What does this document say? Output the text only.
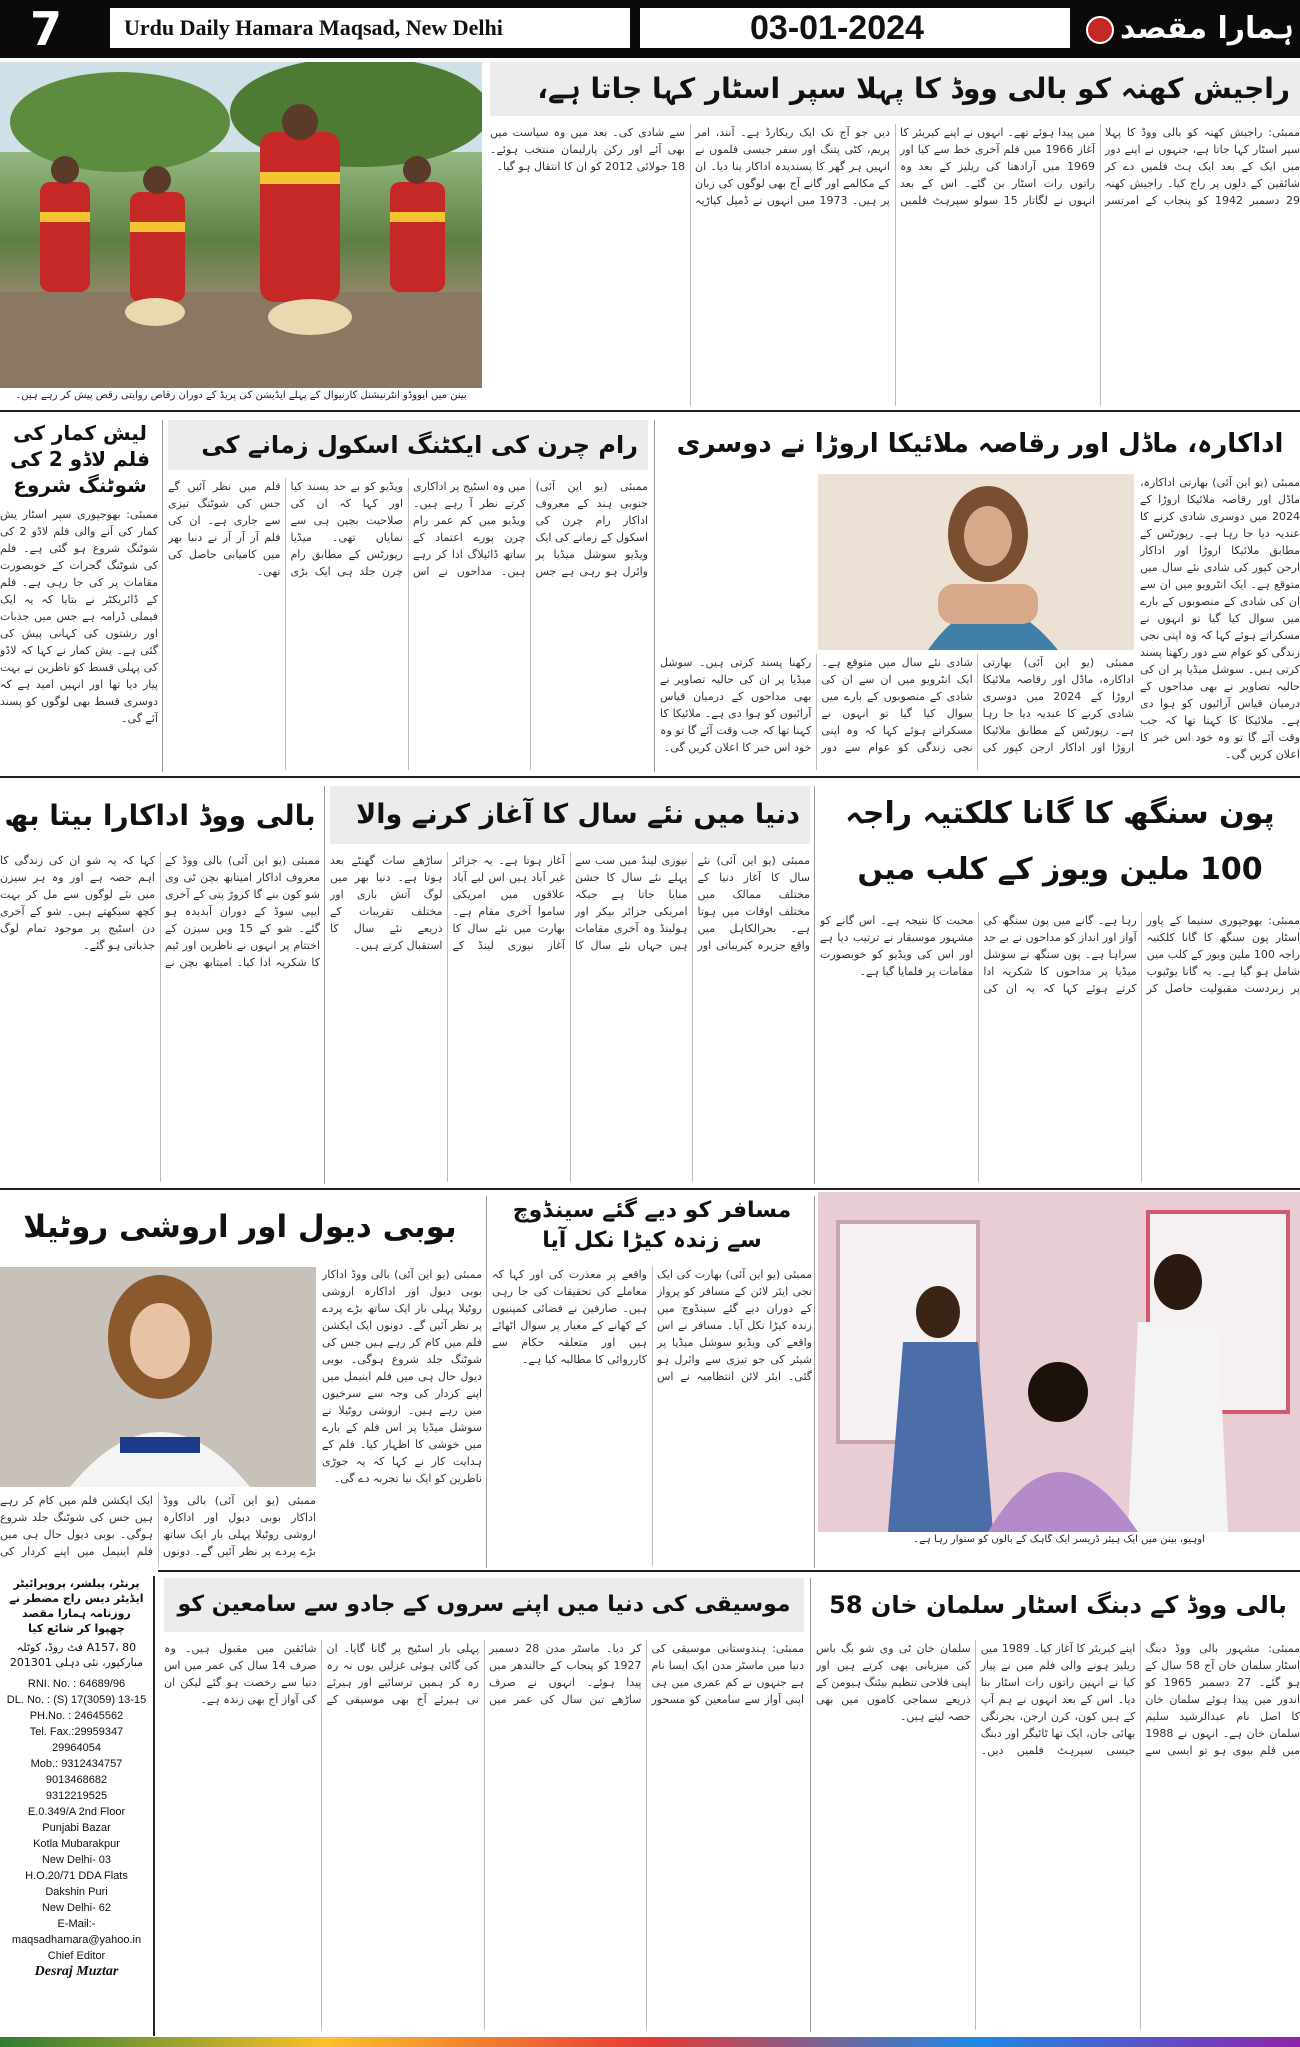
7	Urdu Daily Hamara Maqsad, New Delhi	03-01-2024	ہمارا مقصد
بینن میں ایووڈو انٹرنیشنل کارنیوال کے پہلے ایڈیشن کی پریڈ کے دوران رقاص روایتی رقص پیش کر رہے ہیں۔
راجیش کھنہ کو بالی ووڈ کا پہلا سپر اسٹار کہا جاتا ہے،
ممبئی: راجیش کھنہ کو بالی ووڈ کا پہلا سپر اسٹار کہا جاتا ہے، جنہوں نے اپنے دور میں ایک کے بعد ایک ہٹ فلمیں دے کر شائقین کے دلوں پر راج کیا۔ راجیش کھنہ 29 دسمبر 1942 کو پنجاب کے امرتسر میں پیدا ہوئے تھے۔ انہوں نے اپنے کیریئر کا آغاز 1966 میں فلم آخری خط سے کیا اور 1969 میں آرادھنا کی ریلیز کے بعد وہ راتوں رات اسٹار بن گئے۔ اس کے بعد انہوں نے لگاتار 15 سولو سپرہٹ فلمیں دیں جو آج تک ایک ریکارڈ ہے۔ آنند، امر پریم، کٹی پتنگ اور سفر جیسی فلموں نے انہیں ہر گھر کا پسندیدہ اداکار بنا دیا۔ ان کے مکالمے اور گانے آج بھی لوگوں کی زبان پر ہیں۔ 1973 میں انہوں نے ڈمپل کپاڑیہ سے شادی کی۔ بعد میں وہ سیاست میں بھی آئے اور رکن پارلیمان منتخب ہوئے۔ 18 جولائی 2012 کو ان کا انتقال ہو گیا۔
لیش کمار کی فلم لاڈو 2 کی شوٹنگ شروع
ممبئی: بھوجپوری سپر اسٹار یش کمار کی آنے والی فلم لاڈو 2 کی شوٹنگ شروع ہو گئی ہے۔ فلم کی شوٹنگ گجرات کے خوبصورت مقامات پر کی جا رہی ہے۔ فلم کے ڈائریکٹر نے بتایا کہ یہ ایک فیملی ڈرامہ ہے جس میں جذبات اور رشتوں کی کہانی پیش کی گئی ہے۔ یش کمار نے کہا کہ لاڈو کی پہلی قسط کو ناظرین نے بہت پیار دیا تھا اور انہیں امید ہے کہ دوسری قسط بھی لوگوں کو پسند آئے گی۔
رام چرن کی ایکٹنگ اسکول زمانے کی
ممبئی (یو این آئی) جنوبی ہند کے معروف اداکار رام چرن کی اسکول کے زمانے کی ایک ویڈیو سوشل میڈیا پر وائرل ہو رہی ہے جس میں وہ اسٹیج پر اداکاری کرتے نظر آ رہے ہیں۔ ویڈیو میں کم عمر رام چرن پورے اعتماد کے ساتھ ڈائیلاگ ادا کر رہے ہیں۔ مداحوں نے اس ویڈیو کو بے حد پسند کیا اور کہا کہ ان کی صلاحیت بچپن ہی سے نمایاں تھی۔ میڈیا رپورٹس کے مطابق رام چرن جلد ہی ایک بڑی فلم میں نظر آئیں گے جس کی شوٹنگ تیزی سے جاری ہے۔ ان کی فلم آر آر آر نے دنیا بھر میں کامیابی حاصل کی تھی۔
اداکارہ، ماڈل اور رقاصہ ملائیکا اروڑا نے دوسری
ممبئی (یو این آئی) بھارتی اداکارہ، ماڈل اور رقاصہ ملائیکا اروڑا کے 2024 میں دوسری شادی کرنے کا عندیہ دیا جا رہا ہے۔ رپورٹس کے مطابق ملائیکا اروڑا اور اداکار ارجن کپور کی شادی نئے سال میں متوقع ہے۔ ایک انٹرویو میں ان سے ان کی شادی کے منصوبوں کے بارے میں سوال کیا گیا تو انہوں نے مسکراتے ہوئے کہا کہ وہ اپنی نجی زندگی کو عوام سے دور رکھنا پسند کرتی ہیں۔ سوشل میڈیا پر ان کی حالیہ تصاویر نے بھی مداحوں کے درمیان قیاس آرائیوں کو ہوا دی ہے۔ ملائیکا کا کہنا تھا کہ جب وقت آئے گا تو وہ خود اس خبر کا اعلان کریں گی۔
ممبئی (یو این آئی) بھارتی اداکارہ، ماڈل اور رقاصہ ملائیکا اروڑا کے 2024 میں دوسری شادی کرنے کا عندیہ دیا جا رہا ہے۔ رپورٹس کے مطابق ملائیکا اروڑا اور اداکار ارجن کپور کی شادی نئے سال میں متوقع ہے۔ ایک انٹرویو میں ان سے ان کی شادی کے منصوبوں کے بارے میں سوال کیا گیا تو انہوں نے مسکراتے ہوئے کہا کہ وہ اپنی نجی زندگی کو عوام سے دور رکھنا پسند کرتی ہیں۔ سوشل میڈیا پر ان کی حالیہ تصاویر نے بھی مداحوں کے درمیان قیاس آرائیوں کو ہوا دی ہے۔ ملائیکا کا کہنا تھا کہ جب وقت آئے گا تو وہ خود اس خبر کا اعلان کریں گی۔
بالی ووڈ اداکارا بیتا بھ
ممبئی (یو این آئی) بالی ووڈ کے معروف اداکار امیتابھ بچن ٹی وی شو کون بنے گا کروڑ پتی کے آخری ایپی سوڈ کے دوران آبدیدہ ہو گئے۔ شو کے 15 ویں سیزن کے اختتام پر انہوں نے ناظرین اور ٹیم کا شکریہ ادا کیا۔ امیتابھ بچن نے کہا کہ یہ شو ان کی زندگی کا اہم حصہ ہے اور وہ ہر سیزن میں نئے لوگوں سے مل کر بہت کچھ سیکھتے ہیں۔ شو کے آخری دن اسٹیج پر موجود تمام لوگ جذباتی ہو گئے۔
دنیا میں نئے سال کا آغاز کرنے والا
ممبئی (یو این آئی) نئے سال کا آغاز دنیا کے مختلف ممالک میں مختلف اوقات میں ہوتا ہے۔ بحرالکاہل میں واقع جزیرہ کیریباتی اور نیوزی لینڈ میں سب سے پہلے نئے سال کا جشن منایا جاتا ہے جبکہ امریکی جزائر بیکر اور ہولینڈ وہ آخری مقامات ہیں جہاں نئے سال کا آغاز ہوتا ہے۔ یہ جزائر غیر آباد ہیں اس لیے آباد علاقوں میں امریکی ساموا آخری مقام ہے۔ بھارت میں نئے سال کا آغاز نیوزی لینڈ کے ساڑھے سات گھنٹے بعد ہوتا ہے۔ دنیا بھر میں لوگ آتش بازی اور مختلف تقریبات کے ذریعے نئے سال کا استقبال کرتے ہیں۔
پون سنگھ کا گانا کلکتیہ راجہ 100 ملین ویوز کے کلب میں
ممبئی: بھوجپوری سنیما کے پاور اسٹار پون سنگھ کا گانا کلکتیہ راجہ 100 ملین ویوز کے کلب میں شامل ہو گیا ہے۔ یہ گانا یوٹیوب پر زبردست مقبولیت حاصل کر رہا ہے۔ گانے میں پون سنگھ کی آواز اور انداز کو مداحوں نے بے حد سراہا ہے۔ پون سنگھ نے سوشل میڈیا پر مداحوں کا شکریہ ادا کرتے ہوئے کہا کہ یہ ان کی محبت کا نتیجہ ہے۔ اس گانے کو مشہور موسیقار نے ترتیب دیا ہے اور اس کی ویڈیو کو خوبصورت مقامات پر فلمایا گیا ہے۔
بوبی دیول اور اروشی روٹیلا
ممبئی (یو این آئی) بالی ووڈ اداکار بوبی دیول اور اداکارہ اروشی روٹیلا پہلی بار ایک ساتھ بڑے پردے پر نظر آئیں گے۔ دونوں ایک ایکشن فلم میں کام کر رہے ہیں جس کی شوٹنگ جلد شروع ہوگی۔ بوبی دیول حال ہی میں فلم اینیمل میں اپنے کردار کی وجہ سے سرخیوں میں رہے ہیں۔ اروشی روٹیلا نے سوشل میڈیا پر اس فلم کے بارے میں خوشی کا اظہار کیا۔ فلم کے ہدایت کار نے کہا کہ یہ جوڑی ناظرین کو ایک نیا تجربہ دے گی۔
ممبئی (یو این آئی) بالی ووڈ اداکار بوبی دیول اور اداکارہ اروشی روٹیلا پہلی بار ایک ساتھ بڑے پردے پر نظر آئیں گے۔ دونوں ایک ایکشن فلم میں کام کر رہے ہیں جس کی شوٹنگ جلد شروع ہوگی۔ بوبی دیول حال ہی میں فلم اینیمل میں اپنے کردار کی
مسافر کو دیے گئے سینڈوچ سے زندہ کیڑا نکل آیا
ممبئی (یو این آئی) بھارت کی ایک نجی ایئر لائن کے مسافر کو پرواز کے دوران دیے گئے سینڈوچ میں زندہ کیڑا نکل آیا۔ مسافر نے اس واقعے کی ویڈیو سوشل میڈیا پر شیئر کی جو تیزی سے وائرل ہو گئی۔ ایئر لائن انتظامیہ نے اس واقعے پر معذرت کی اور کہا کہ معاملے کی تحقیقات کی جا رہی ہیں۔ صارفین نے فضائی کمپنیوں کے کھانے کے معیار پر سوال اٹھائے ہیں اور متعلقہ حکام سے کارروائی کا مطالبہ کیا ہے۔
اوہیو، بینن میں ایک ہیئر ڈریسر ایک گاہک کے بالوں کو سنوار رہا ہے۔
پرنٹر، پبلشر، پروپرائیٹر
ایڈیٹر دیس راج مضطر نے
روزنامہ ہمارا مقصد
چھپوا کر شائع کیا
A157، 80 فٹ روڈ، کوٹلہ مبارکپور، نئی دہلی 201301
RNI. No. : 64689/96
DL. No. : (S) 17(3059) 13-15
PH.No. : 24645562
Tel. Fax.:29959347
29964054
Mob.: 9312434757
9013468682
9312219525
E.0.349/A 2nd Floor
Punjabi Bazar
Kotla Mubarakpur
New Delhi- 03
H.O.20/71 DDA Flats
Dakshin Puri
New Delhi- 62
E-Mail:-
maqsadhamara@yahoo.in
Chief Editor
Desraj Muztar
موسیقی کی دنیا میں اپنے سروں کے جادو سے سامعین کو
ممبئی: ہندوستانی موسیقی کی دنیا میں ماسٹر مدن ایک ایسا نام ہے جنہوں نے کم عمری میں ہی اپنی آواز سے سامعین کو مسحور کر دیا۔ ماسٹر مدن 28 دسمبر 1927 کو پنجاب کے جالندھر میں پیدا ہوئے۔ انہوں نے صرف ساڑھے تین سال کی عمر میں پہلی بار اسٹیج پر گانا گایا۔ ان کی گائی ہوئی غزلیں یوں نہ رہ رہ کر ہمیں ترسائیے اور ہیرئے نی ہیرئے آج بھی موسیقی کے شائقین میں مقبول ہیں۔ وہ صرف 14 سال کی عمر میں اس دنیا سے رخصت ہو گئے لیکن ان کی آواز آج بھی زندہ ہے۔
بالی ووڈ کے دبنگ اسٹار سلمان خان 58
ممبئی: مشہور بالی ووڈ دبنگ اسٹار سلمان خان آج 58 سال کے ہو گئے۔ 27 دسمبر 1965 کو اندور میں پیدا ہوئے سلمان خان کا اصل نام عبدالرشید سلیم سلمان خان ہے۔ انہوں نے 1988 میں فلم بیوی ہو تو ایسی سے اپنے کیریئر کا آغاز کیا۔ 1989 میں ریلیز ہونے والی فلم میں نے پیار کیا نے انہیں راتوں رات اسٹار بنا دیا۔ اس کے بعد انہوں نے ہم آپ کے ہیں کون، کرن ارجن، بجرنگی بھائی جان، ایک تھا ٹائیگر اور دبنگ جیسی سپرہٹ فلمیں دیں۔ سلمان خان ٹی وی شو بگ باس کی میزبانی بھی کرتے ہیں اور اپنی فلاحی تنظیم بیئنگ ہیومن کے ذریعے سماجی کاموں میں بھی حصہ لیتے ہیں۔
